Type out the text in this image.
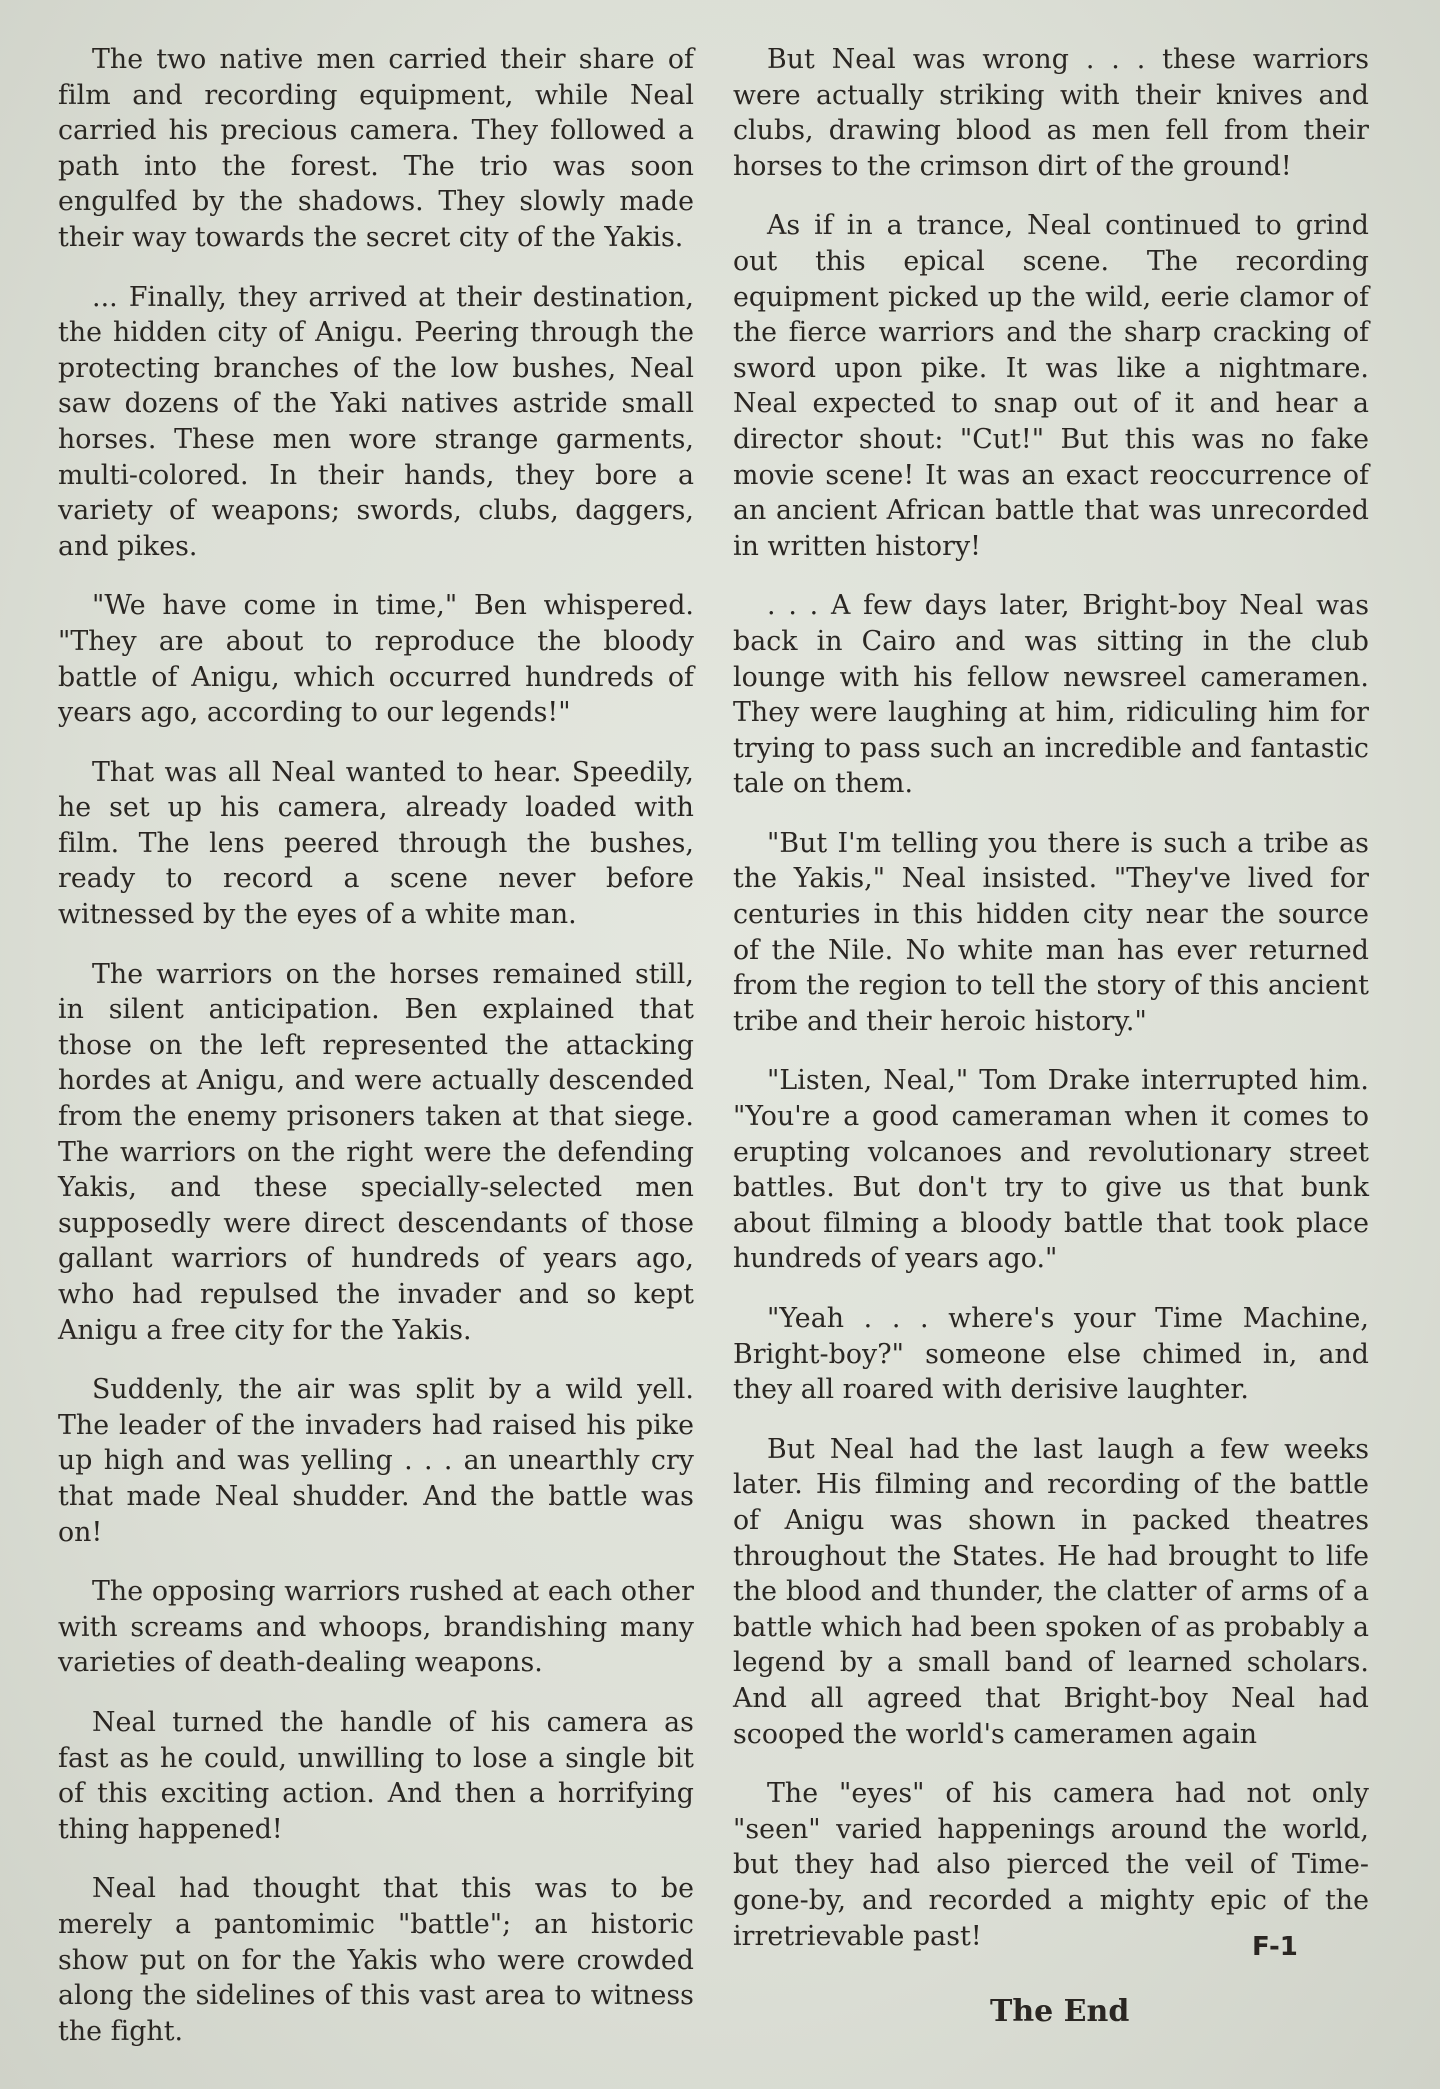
The two native men carried their share of film and recording equipment, while Neal carried his precious camera. They followed a path into the forest. The trio was soon engulfed by the shadows. They slowly made their way towards the secret city of the Yakis.

... Finally, they arrived at their destination, the hidden city of Anigu. Peering through the protecting branches of the low bushes, Neal saw dozens of the Yaki natives astride small horses. These men wore strange garments, multi-colored. In their hands, they bore a variety of weapons; swords, clubs, daggers, and pikes.

"We have come in time," Ben whispered. "They are about to reproduce the bloody battle of Anigu, which occurred hundreds of years ago, according to our legends!"

That was all Neal wanted to hear. Speedily, he set up his camera, already loaded with film. The lens peered through the bushes, ready to record a scene never before witnessed by the eyes of a white man.

The warriors on the horses remained still, in silent anticipation. Ben explained that those on the left represented the attacking hordes at Anigu, and were actually descended from the enemy prisoners taken at that siege. The warriors on the right were the defending Yakis, and these specially-selected men supposedly were direct descendants of those gallant warriors of hundreds of years ago, who had repulsed the invader and so kept Anigu a free city for the Yakis.

Suddenly, the air was split by a wild yell. The leader of the invaders had raised his pike up high and was yelling . . . an unearthly cry that made Neal shudder. And the battle was on!

The opposing warriors rushed at each other with screams and whoops, brandishing many varieties of death-dealing weapons.

Neal turned the handle of his camera as fast as he could, unwilling to lose a single bit of this exciting action. And then a horrifying thing happened!

Neal had thought that this was to be merely a pantomimic "battle"; an historic show put on for the Yakis who were crowded along the sidelines of this vast area to witness the fight.

But Neal was wrong . . . these warriors were actually striking with their knives and clubs, drawing blood as men fell from their horses to the crimson dirt of the ground!

As if in a trance, Neal continued to grind out this epical scene. The recording equipment picked up the wild, eerie clamor of the fierce warriors and the sharp cracking of sword upon pike. It was like a nightmare. Neal expected to snap out of it and hear a director shout: "Cut!" But this was no fake movie scene! It was an exact reoccurrence of an ancient African battle that was unrecorded in written history!

. . . A few days later, Bright-boy Neal was back in Cairo and was sitting in the club lounge with his fellow newsreel cameramen. They were laughing at him, ridiculing him for trying to pass such an incredible and fantastic tale on them.

"But I'm telling you there is such a tribe as the Yakis," Neal insisted. "They've lived for centuries in this hidden city near the source of the Nile. No white man has ever returned from the region to tell the story of this ancient tribe and their heroic history."

"Listen, Neal," Tom Drake interrupted him. "You're a good cameraman when it comes to erupting volcanoes and revolutionary street battles. But don't try to give us that bunk about filming a bloody battle that took place hundreds of years ago."

"Yeah . . . where's your Time Machine, Bright-boy?" someone else chimed in, and they all roared with derisive laughter.

But Neal had the last laugh a few weeks later. His filming and recording of the battle of Anigu was shown in packed theatres throughout the States. He had brought to life the blood and thunder, the clatter of arms of a battle which had been spoken of as probably a legend by a small band of learned scholars. And all agreed that Bright-boy Neal had scooped the world's cameramen again

The "eyes" of his camera had not only "seen" varied happenings around the world, but they had also pierced the veil of Time-gone-by, and recorded a mighty epic of the irretrievable past!	F-1
The End
